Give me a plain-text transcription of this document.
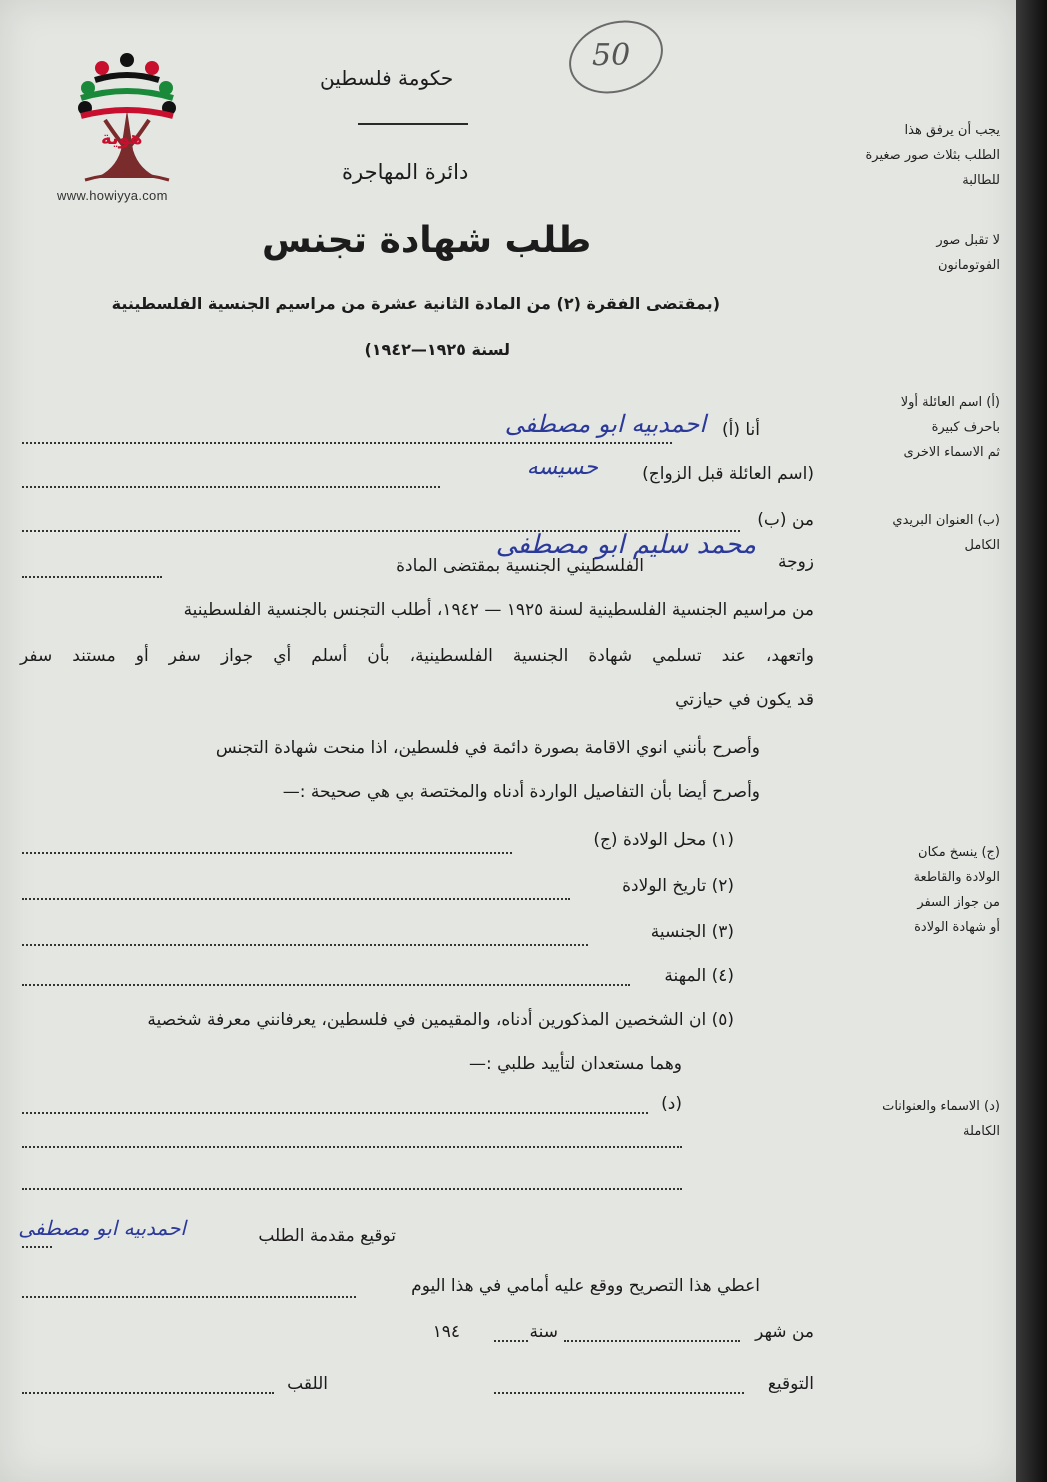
هوية
www.howiyya.com
50
حكومة فلسطين
دائرة المهاجرة
طلب شهادة تجنس
(بمقتضى الفقرة (٢) من المادة الثانية عشرة من مراسيم الجنسية الفلسطينية
لسنة ١٩٢٥—١٩٤٢)
يجب أن يرفق هذا
الطلب بثلاث صور صغيرة
للطالبة
لا تقبل صور
الفوتومانون
(أ) اسم العائلة أولا
باحرف كبيرة
ثم الاسماء الاخرى
(ب) العنوان البريدي
الكامل
(ج) ينسخ مكان
الولادة والقاطعة
من جواز السفر
أو شهادة الولادة
(د) الاسماء والعنوانات
الكاملة
أنا (أ)
احمدبيه ابو مصطفى
(اسم العائلة قبل الزواج)
حسيسه
من (ب)
زوجة
محمد سليم ابو مصطفى
الفلسطيني الجنسية بمقتضى المادة
من مراسيم الجنسية الفلسطينية لسنة ١٩٢٥ — ١٩٤٢، أطلب التجنس بالجنسية الفلسطينية
واتعهد، عند تسلمي شهادة الجنسية الفلسطينية، بأن أسلم أي جواز سفر أو مستند سفر
قد يكون في حيازتي
وأصرح بأنني انوي الاقامة بصورة دائمة في فلسطين، اذا منحت شهادة التجنس
وأصرح أيضا بأن التفاصيل الواردة أدناه والمختصة بي هي صحيحة :—
(١) محل الولادة (ج)
(٢) تاريخ الولادة
(٣) الجنسية
(٤) المهنة
(٥) ان الشخصين المذكورين أدناه، والمقيمين في فلسطين، يعرفانني معرفة شخصية
وهما مستعدان لتأييد طلبي :—
(د)
توقيع مقدمة الطلب
احمدبيه ابو مصطفى
اعطي هذا التصريح ووقع عليه أمامي في هذا اليوم
من شهر
سنة
١٩٤
التوقيع
اللقب
